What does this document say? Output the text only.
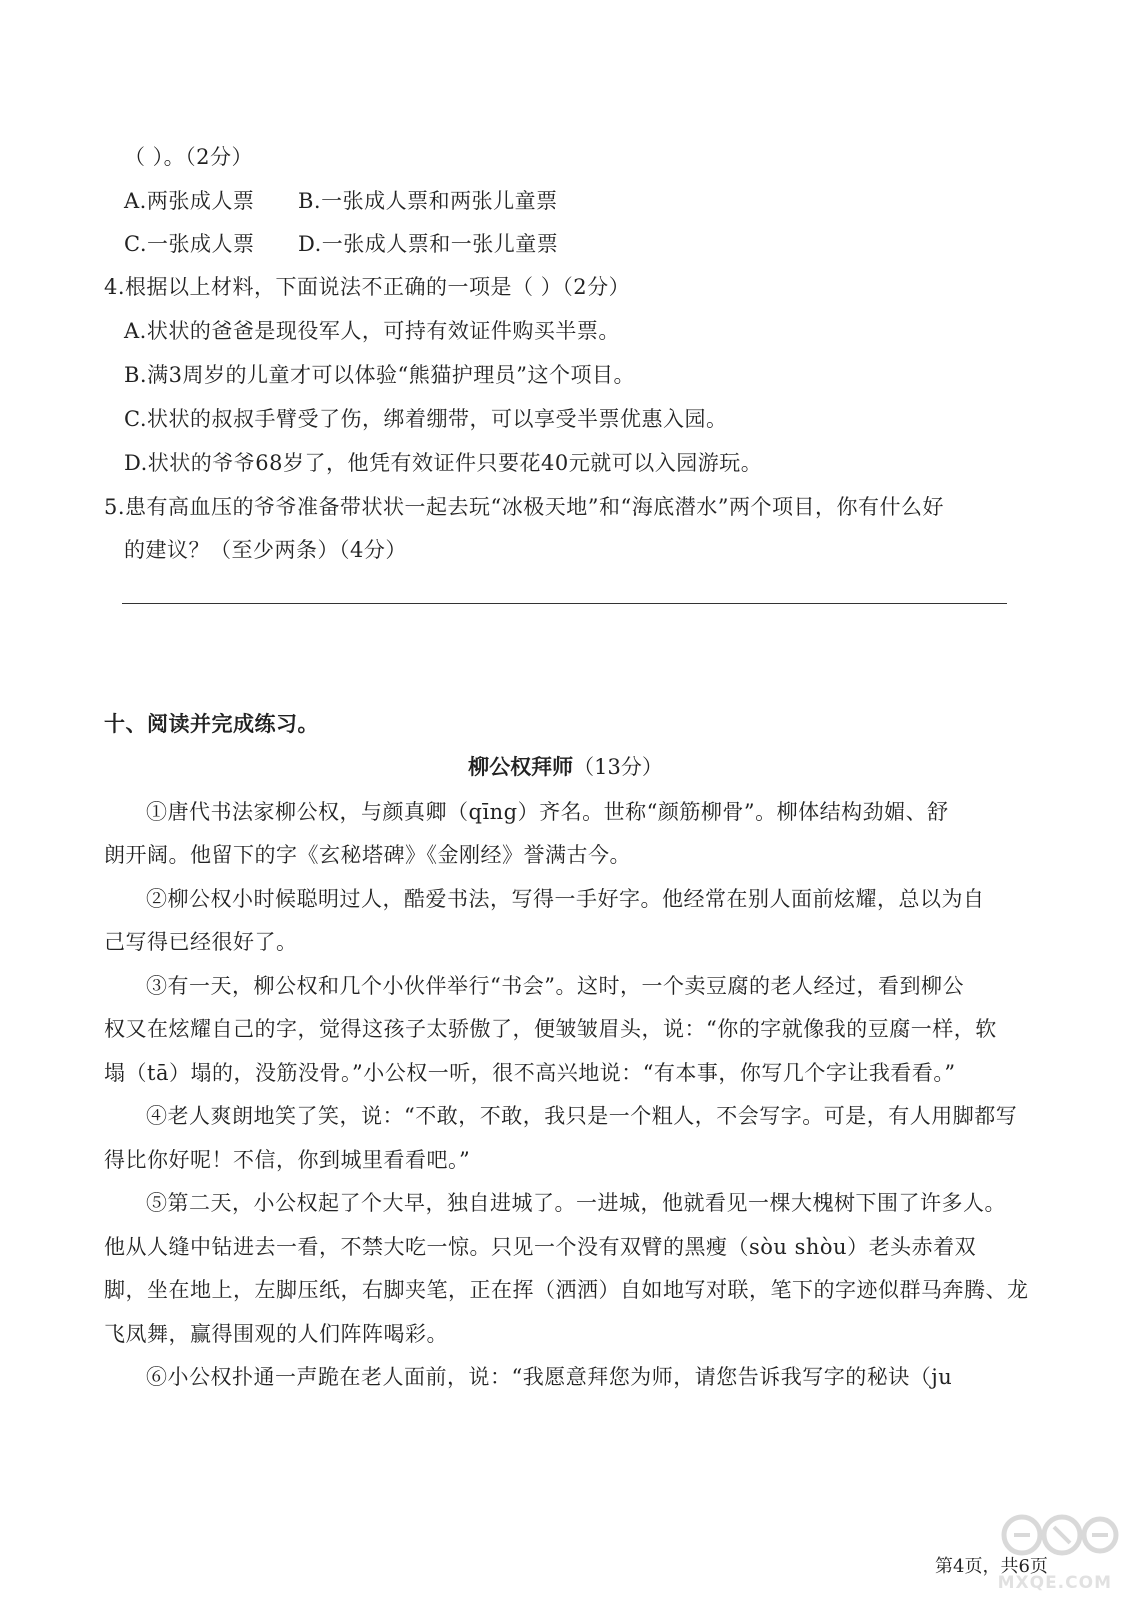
（ ）。（2分）
A.两张成人票 B.一张成人票和两张儿童票
C.一张成人票 D.一张成人票和一张儿童票
4.根据以上材料，下面说法不正确的一项是（ ）（2分）
A.状状的爸爸是现役军人，可持有效证件购买半票。
B.满3周岁的儿童才可以体验“熊猫护理员”这个项目。
C.状状的叔叔手臂受了伤，绑着绷带，可以享受半票优惠入园。
D.状状的爷爷68岁了，他凭有效证件只要花40元就可以入园游玩。
5.患有高血压的爷爷准备带状状一起去玩“冰极天地”和“海底潜水”两个项目，你有什么好
的建议？（至少两条）（4分）
十、阅读并完成练习。
柳公权拜师（13分）
①唐代书法家柳公权，与颜真卿（qīng）齐名。世称“颜筋柳骨”。柳体结构劲媚、舒
朗开阔。他留下的字《玄秘塔碑》《金刚经》誉满古今。
②柳公权小时候聪明过人，酷爱书法，写得一手好字。他经常在别人面前炫耀，总以为自
己写得已经很好了。
③有一天，柳公权和几个小伙伴举行“书会”。这时，一个卖豆腐的老人经过，看到柳公
权又在炫耀自己的字，觉得这孩子太骄傲了，便皱皱眉头，说：“你的字就像我的豆腐一样，软
塌（tā）塌的，没筋没骨。”小公权一听，很不高兴地说：“有本事，你写几个字让我看看。”
④老人爽朗地笑了笑，说：“不敢，不敢，我只是一个粗人，不会写字。可是，有人用脚都写
得比你好呢！不信，你到城里看看吧。”
⑤第二天，小公权起了个大早，独自进城了。一进城，他就看见一棵大槐树下围了许多人。
他从人缝中钻进去一看，不禁大吃一惊。只见一个没有双臂的黑瘦（sòu shòu）老头赤着双
脚，坐在地上，左脚压纸，右脚夹笔，正在挥（洒洒）自如地写对联，笔下的字迹似群马奔腾、龙
飞凤舞，赢得围观的人们阵阵喝彩。
⑥小公权扑通一声跪在老人面前，说：“我愿意拜您为师，请您告诉我写字的秘诀（ju
MXQE.COM
第4页，共6页
